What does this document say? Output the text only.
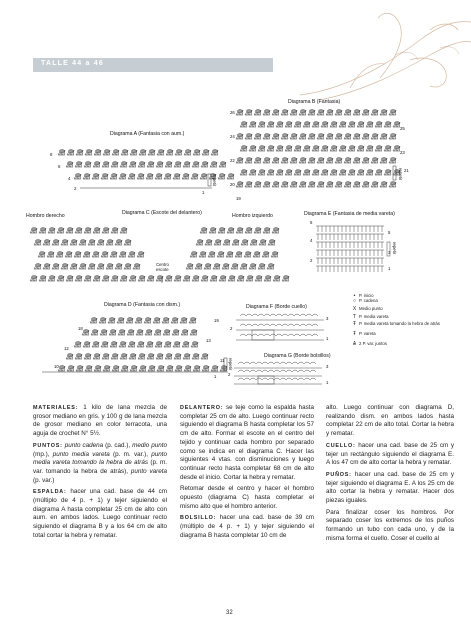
TALLE 44 a 46
Diagrama B (Fantasia)
Diagrama A (Fantasia con aum.)
Diagrama C (Escote del delantero)
Hombro derecho	Hombro izquierdo
Centro escote
Diagrama E (Fantasia de media vareta)
Diagrama D (Fantasia con dism.)	Diagrama F (Borde cuello)
Diagrama G (Borde bolsillos)
repetir
repetir
repetir
repetir
26
24
22
20
19
25
23
21
8
6
4
2
1
6
5
4
3
2
1
19
18
13
12
11
10
1
3
2
1
3
2
1
• P. inicio
○ P. cadena
X Medio punto
T P. media vareta
Ŧ P. media vareta tomando la hebra de atrás
Ŧ P. vareta
Ѧ 2 P. var. juntos

MATERIALES: 1 kilo de lana mezcla de grosor mediano en gris. y 100 g de lana mezcla de grosor mediano en color terracota, una aguja de crochet N° 5½.

PUNTOS: punto cadena (p. cad.), medio punto (mp.), punto media vareta (p. m. var.), punto media vareta tomando la hebra de atrás (p. m. var. tomando la hebra de atrás), punto vareta (p. var.)

ESPALDA: hacer una cad. base de 44 cm (múltiplo de 4 p. + 1) y tejer siguiendo el diagrama A hasta completar 25 cm de alto con aum. en ambos lados. Luego continuar recto siguiendo el diagrama B y a los 64 cm de alto total cortar la hebra y rematar.

DELANTERO: se teje como la espalda hasta completar 25 cm de alto. Luego continuar recto siguiendo el diagrama B hasta completar los 57 cm de alto. Formar el escote en el centro del tejido y continuar cada hombro por separado como se indica en el diagrama C. Hacer las siguientes 4 vtas. con disminuciones y luego continuar recto hasta completar 68 cm de alto desde el inicio. Cortar la hebra y rematar.

Retomar desde el centro y hacer el hombro opuesto (diagrama C) hasta completar el mismo alto que el hombro anterior.

BOLSILLO: hacer una cad. base de 39 cm (múltiplo de 4 p. + 1) y tejer siguiendo el diagrama B hasta completar 10 cm de

alto. Luego continuar con diagrama D, realizando dism. en ambos lados hasta completar 22 cm de alto total. Cortar la hebra y rematar.

CUELLO: hacer una cad. base de 25 cm y tejer un rectángulo siguiendo el diagrama E. A los 47 cm de alto cortar la hebra y rematar.

PUÑOS: hacer una cad. base de 25 cm y tejer siguiendo el diagrama E. A los 25 cm de alto cortar la hebra y rematar. Hacer dos piezas iguales.

Para finalizar coser los hombros. Por separado coser los extremos de los puños formando un tubo con cada uno, y de la misma forma el cuello. Coser el cuello al

32
